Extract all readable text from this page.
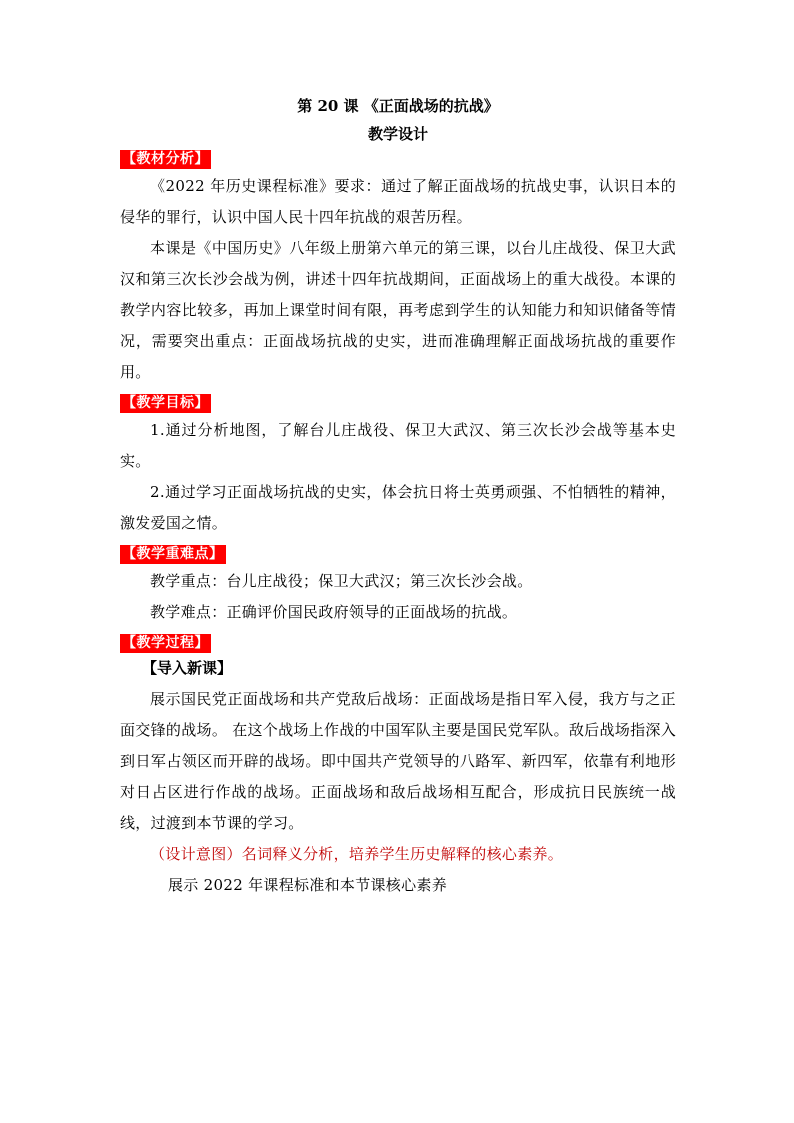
第 20 课 《正面战场的抗战》
教学设计
【教材分析】

《2022 年历史课程标准》要求：通过了解正面战场的抗战史事，认识日本的侵华的罪行，认识中国人民十四年抗战的艰苦历程。

本课是《中国历史》八年级上册第六单元的第三课，以台儿庄战役、保卫大武汉和第三次长沙会战为例，讲述十四年抗战期间，正面战场上的重大战役。本课的教学内容比较多，再加上课堂时间有限，再考虑到学生的认知能力和知识储备等情况，需要突出重点：正面战场抗战的史实，进而准确理解正面战场抗战的重要作用。

【教学目标】

1.通过分析地图，了解台儿庄战役、保卫大武汉、第三次长沙会战等基本史实。

2.通过学习正面战场抗战的史实，体会抗日将士英勇顽强、不怕牺牲的精神，激发爱国之情。

【教学重难点】

教学重点：台儿庄战役；保卫大武汉；第三次长沙会战。

教学难点：正确评价国民政府领导的正面战场的抗战。

【教学过程】

【导入新课】

展示国民党正面战场和共产党敌后战场：正面战场是指日军入侵，我方与之正面交锋的战场。 在这个战场上作战的中国军队主要是国民党军队。敌后战场指深入到日军占领区而开辟的战场。即中国共产党领导的八路军、新四军，依靠有利地形对日占区进行作战的战场。正面战场和敌后战场相互配合，形成抗日民族统一战线，过渡到本节课的学习。

（设计意图）名词释义分析，培养学生历史解释的核心素养。

展示 2022 年课程标准和本节课核心素养
